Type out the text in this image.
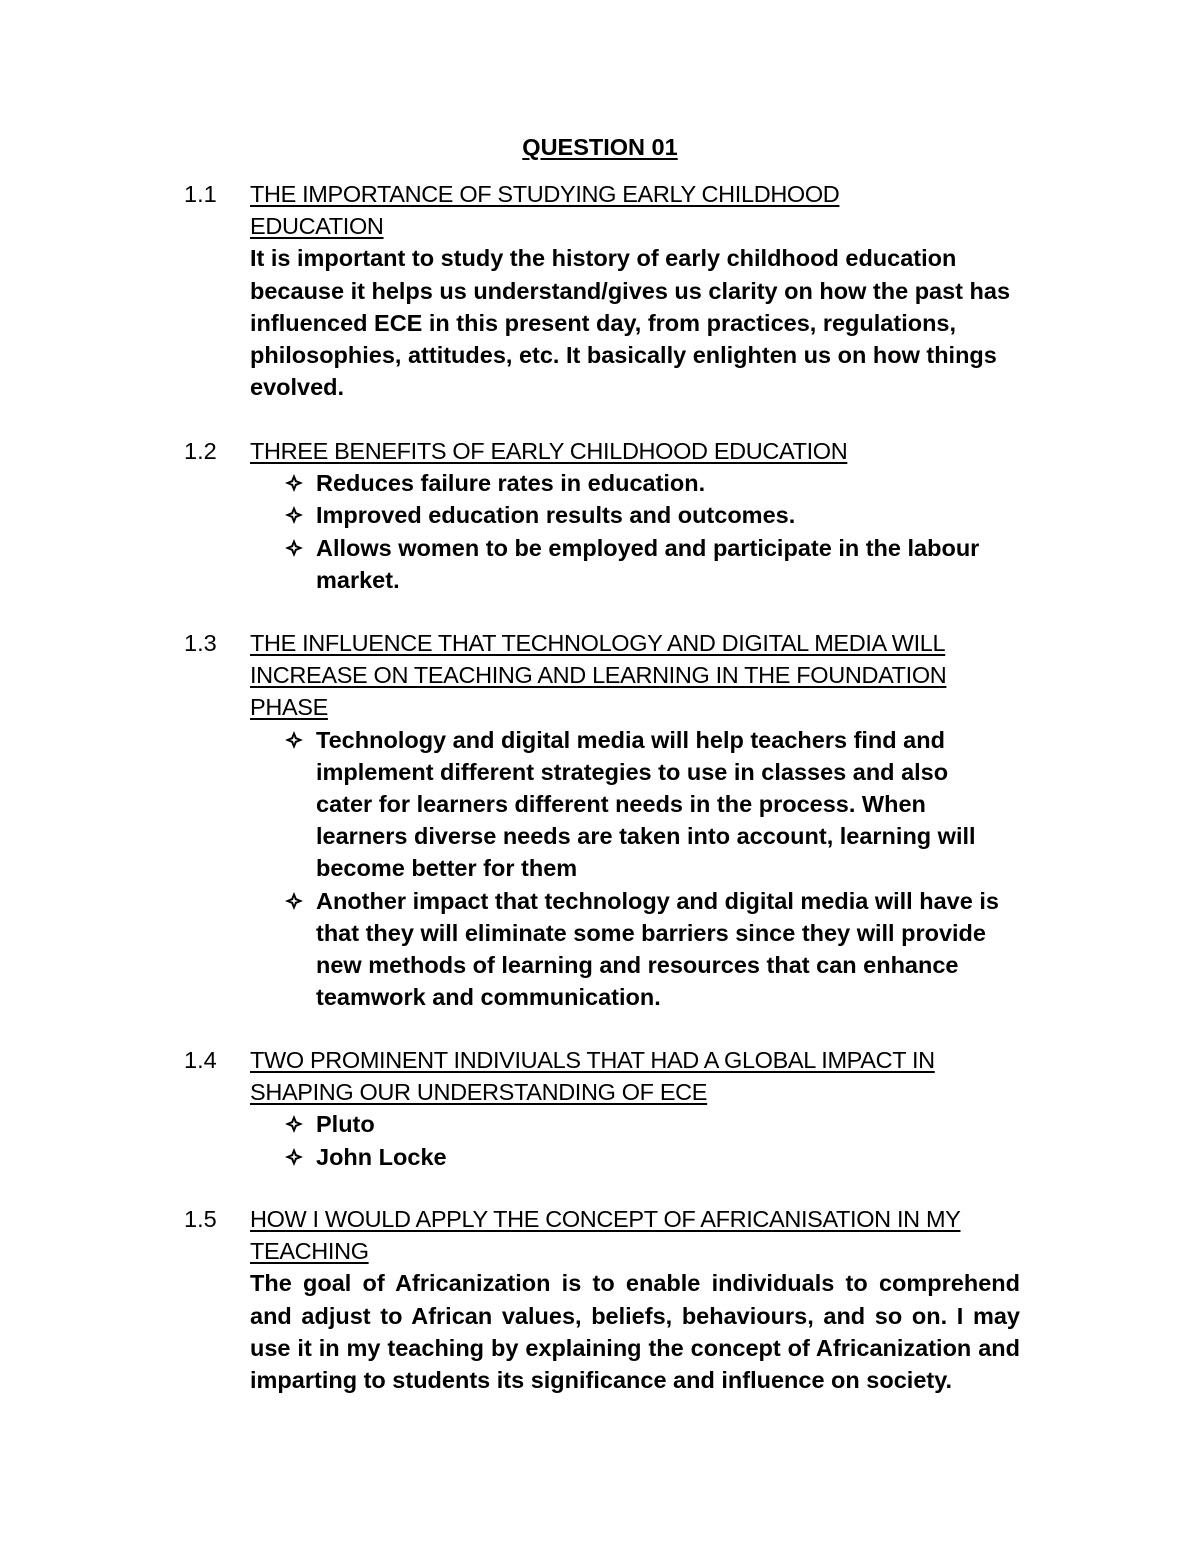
QUESTION 01
1.1 THE IMPORTANCE OF STUDYING EARLY CHILDHOOD EDUCATION
It is important to study the history of early childhood education because it helps us understand/gives us clarity on how the past has influenced ECE in this present day, from practices, regulations, philosophies, attitudes, etc. It basically enlighten us on how things evolved.
1.2 THREE BENEFITS OF EARLY CHILDHOOD EDUCATION
Reduces failure rates in education.
Improved education results and outcomes.
Allows women to be employed and participate in the labour market.
1.3 THE INFLUENCE THAT TECHNOLOGY AND DIGITAL MEDIA WILL INCREASE ON TEACHING AND LEARNING IN THE FOUNDATION PHASE
Technology and digital media will help teachers find and implement different strategies to use in classes and also cater for learners different needs in the process. When learners diverse needs are taken into account, learning will become better for them
Another impact that technology and digital media will have is that they will eliminate some barriers since they will provide new methods of learning and resources that can enhance teamwork and communication.
1.4 TWO PROMINENT INDIVIUALS THAT HAD A GLOBAL IMPACT IN SHAPING OUR UNDERSTANDING OF ECE
Pluto
John Locke
1.5 HOW I WOULD APPLY THE CONCEPT OF AFRICANISATION IN MY TEACHING
The goal of Africanization is to enable individuals to comprehend and adjust to African values, beliefs, behaviours, and so on. I may use it in my teaching by explaining the concept of Africanization and imparting to students its significance and influence on society.
